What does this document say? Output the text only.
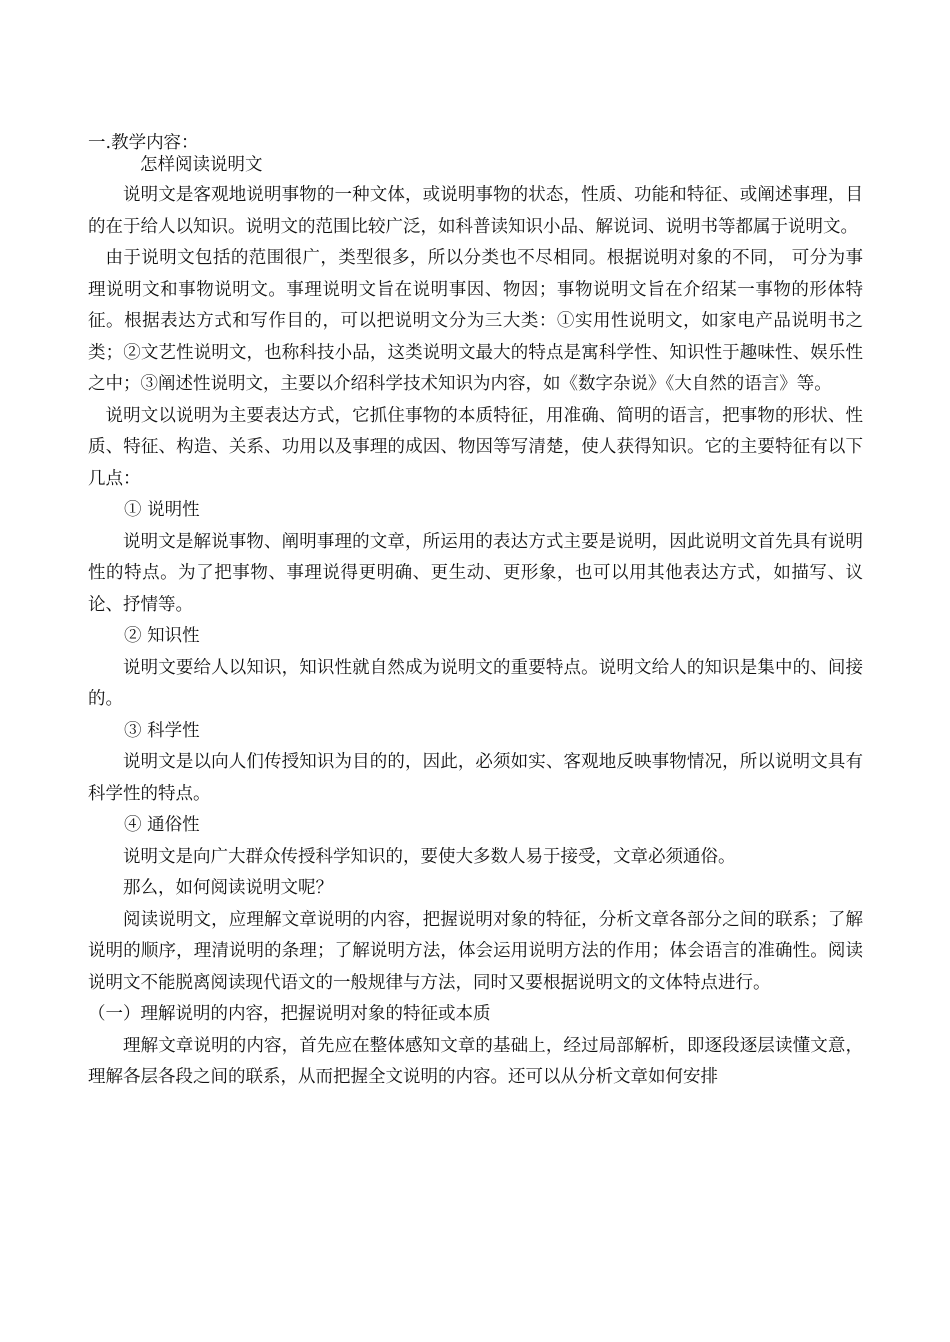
一.教学内容：

怎样阅读说明文

说明文是客观地说明事物的一种文体，或说明事物的状态，性质、功能和特征、或阐述事理，目的在于给人以知识。说明文的范围比较广泛，如科普读知识小品、解说词、说明书等都属于说明文。

由于说明文包括的范围很广，类型很多，所以分类也不尽相同。根据说明对象的不同， 可分为事理说明文和事物说明文。事理说明文旨在说明事因、物因；事物说明文旨在介绍某一事物的形体特征。根据表达方式和写作目的，可以把说明文分为三大类：①实用性说明文，如家电产品说明书之类；②文艺性说明文，也称科技小品，这类说明文最大的特点是寓科学性、知识性于趣味性、娱乐性之中；③阐述性说明文，主要以介绍科学技术知识为内容，如《数字杂说》《大自然的语言》等。

说明文以说明为主要表达方式，它抓住事物的本质特征，用准确、简明的语言，把事物的形状、性质、特征、构造、关系、功用以及事理的成因、物因等写清楚，使人获得知识。它的主要特征有以下几点：

① 说明性

说明文是解说事物、阐明事理的文章，所运用的表达方式主要是说明，因此说明文首先具有说明性的特点。为了把事物、事理说得更明确、更生动、更形象，也可以用其他表达方式，如描写、议论、抒情等。

② 知识性

说明文要给人以知识，知识性就自然成为说明文的重要特点。说明文给人的知识是集中的、间接的。

③ 科学性

说明文是以向人们传授知识为目的的，因此，必须如实、客观地反映事物情况，所以说明文具有科学性的特点。

④ 通俗性

说明文是向广大群众传授科学知识的，要使大多数人易于接受，文章必须通俗。

那么，如何阅读说明文呢？

阅读说明文，应理解文章说明的内容，把握说明对象的特征，分析文章各部分之间的联系；了解说明的顺序，理清说明的条理；了解说明方法，体会运用说明方法的作用；体会语言的准确性。阅读说明文不能脱离阅读现代语文的一般规律与方法，同时又要根据说明文的文体特点进行。

（一）理解说明的内容，把握说明对象的特征或本质

理解文章说明的内容，首先应在整体感知文章的基础上，经过局部解析，即逐段逐层读懂文意，理解各层各段之间的联系，从而把握全文说明的内容。还可以从分析文章如何安排
